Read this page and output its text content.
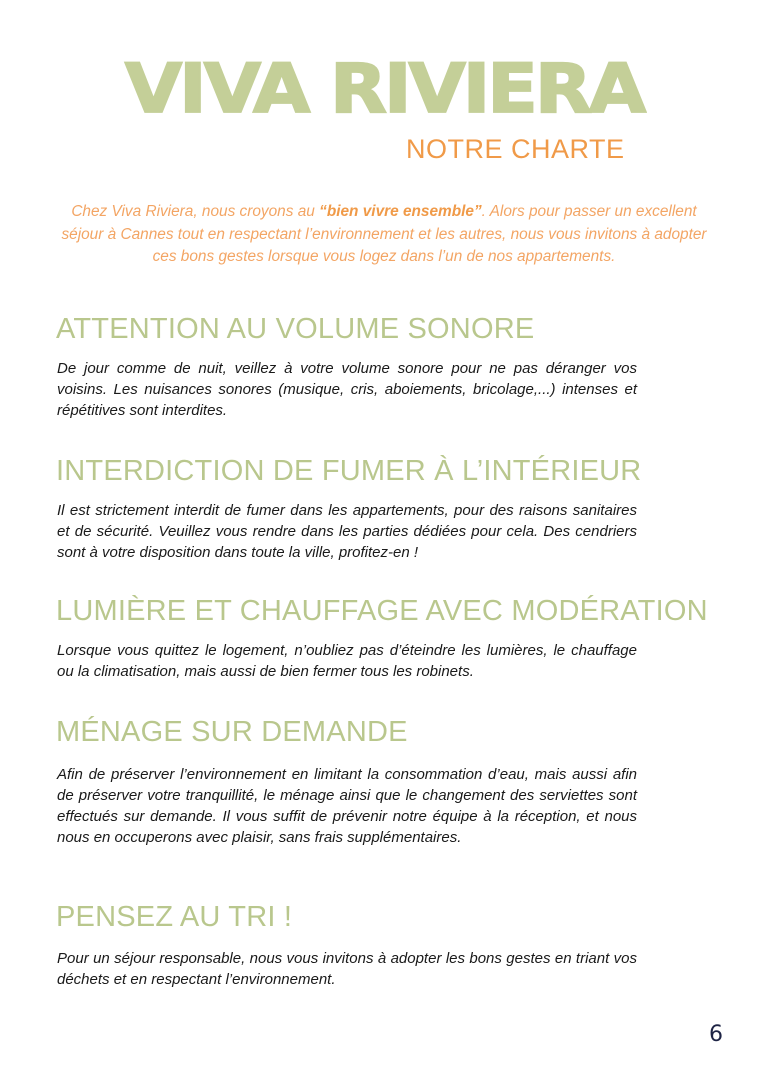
VIVA RIVIERA
NOTRE CHARTE
Chez Viva Riviera, nous croyons au “bien vivre ensemble”. Alors pour passer un excellent séjour à Cannes tout en respectant l’environnement et les autres, nous vous invitons à adopter ces bons gestes lorsque vous logez dans l’un de nos appartements.
ATTENTION AU VOLUME SONORE
De jour comme de nuit, veillez à votre volume sonore pour ne pas déranger vos voisins. Les nuisances sonores (musique, cris, aboiements, bricolage,...) intenses et répétitives sont interdites.
INTERDICTION DE FUMER À L’INTÉRIEUR
Il est strictement interdit de fumer dans les appartements, pour des raisons sanitaires et de sécurité. Veuillez vous rendre dans les parties dédiées pour cela. Des cendriers sont à votre disposition dans toute la ville, profitez-en !
LUMIÈRE ET CHAUFFAGE AVEC MODÉRATION
Lorsque vous quittez le logement, n’oubliez pas d’éteindre les lumières, le chauffage ou la climatisation, mais aussi de bien fermer tous les robinets.
MÉNAGE SUR DEMANDE
Afin de préserver l’environnement en limitant la consommation d’eau, mais aussi afin de préserver votre tranquillité, le ménage ainsi que le changement des serviettes sont effectués sur demande. Il vous suffit de prévenir notre équipe à la réception, et nous nous en occuperons avec plaisir, sans frais supplémentaires.
PENSEZ AU TRI !
Pour un séjour responsable, nous vous invitons à adopter les bons gestes en triant vos déchets et en respectant l’environnement.
6
